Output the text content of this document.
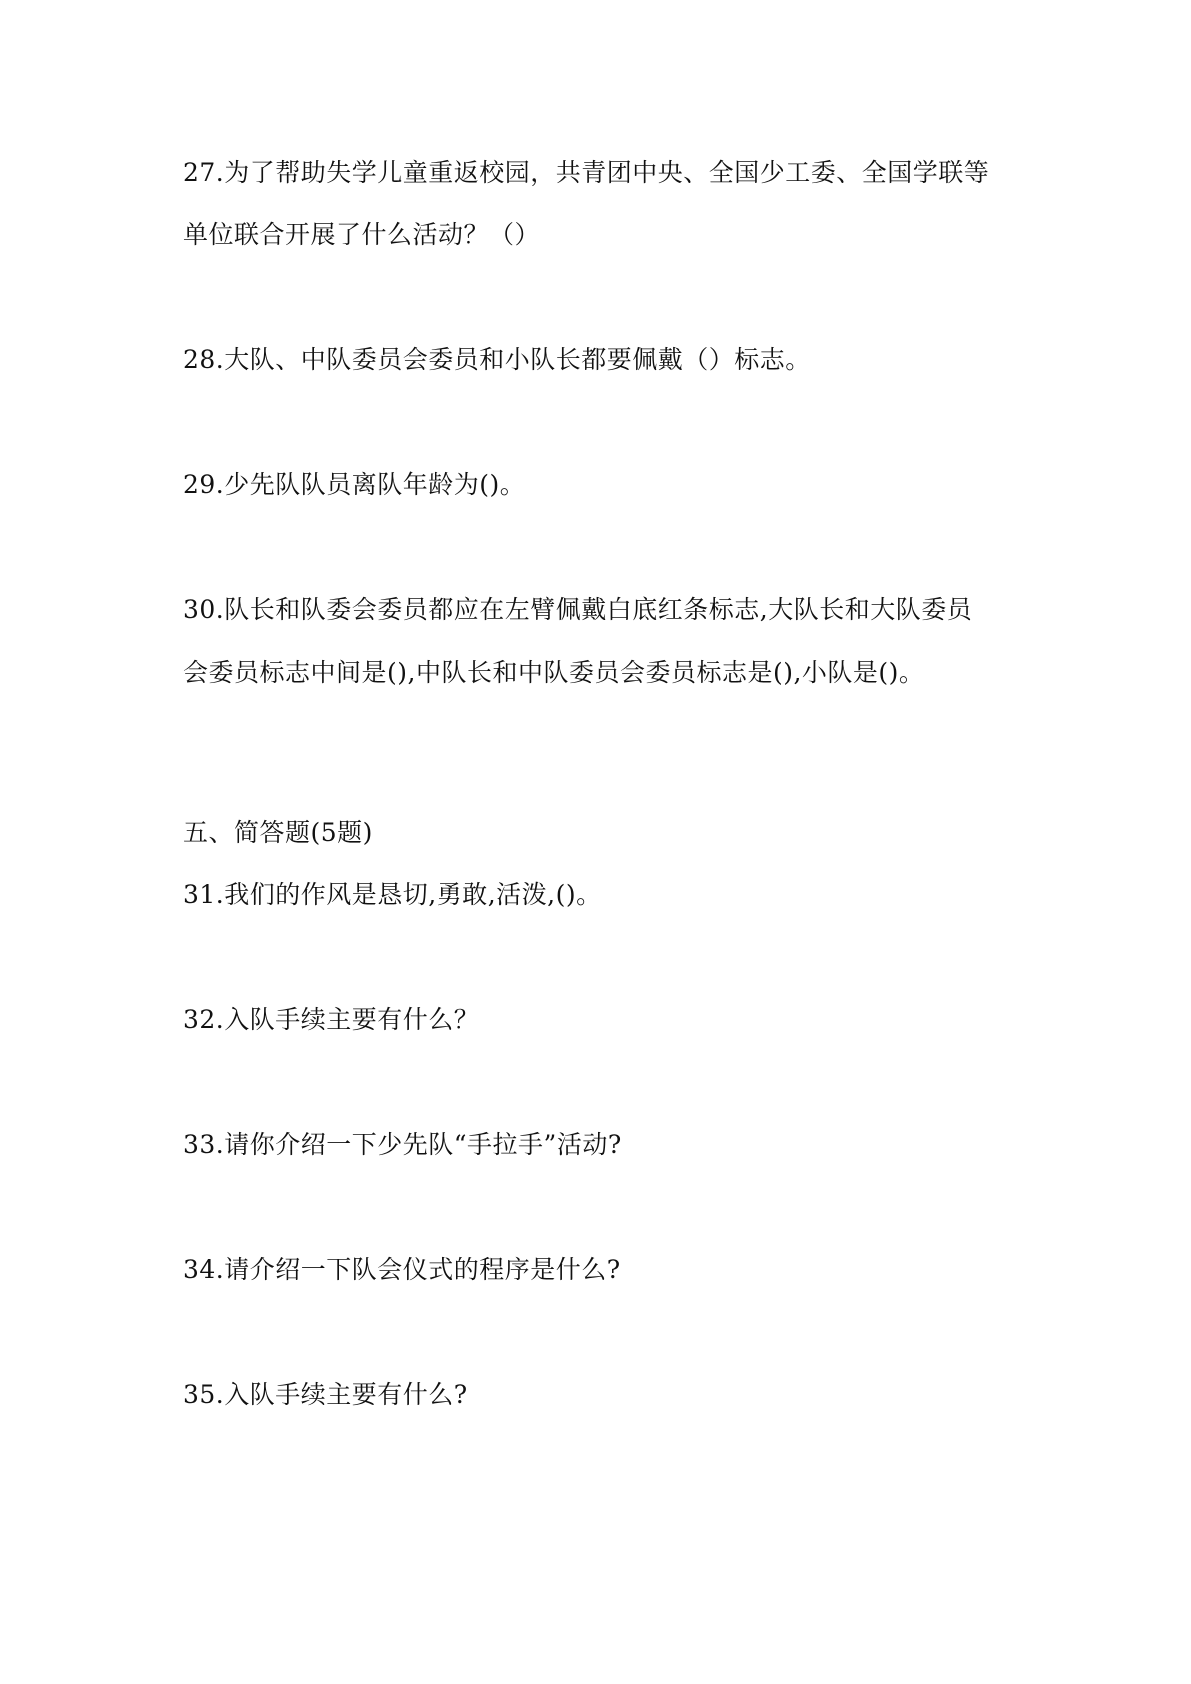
27.为了帮助失学儿童重返校园，共青团中央、全国少工委、全国学联等
单位联合开展了什么活动？（）
28.大队、中队委员会委员和小队长都要佩戴（）标志。
29.少先队队员离队年龄为()。
30.队长和队委会委员都应在左臂佩戴白底红条标志,大队长和大队委员
会委员标志中间是(),中队长和中队委员会委员标志是(),小队是()。
五、简答题(5题)
31.我们的作风是恳切,勇敢,活泼,()。
32.入队手续主要有什么？
33.请你介绍一下少先队“手拉手”活动?
34.请介绍一下队会仪式的程序是什么?
35.入队手续主要有什么?
